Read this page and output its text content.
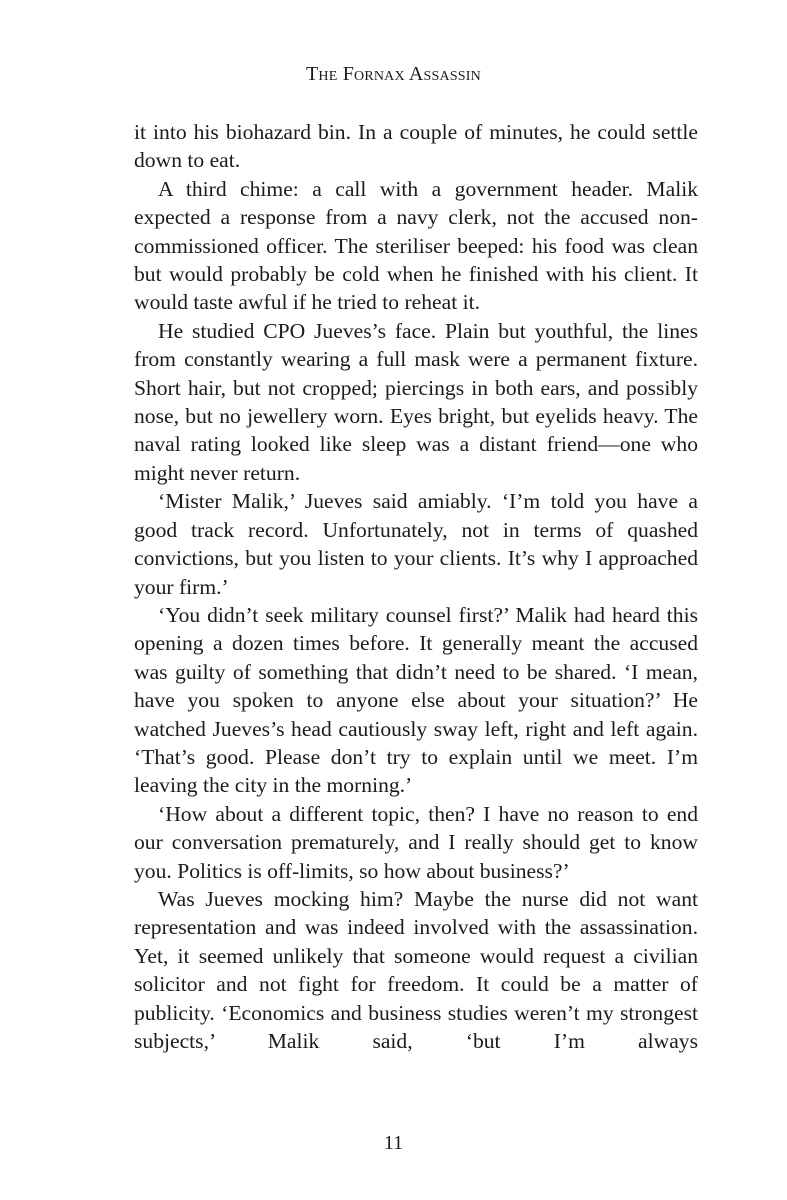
The Fornax Assassin

it into his biohazard bin. In a couple of minutes, he could settle down to eat.

A third chime: a call with a government header. Malik expected a response from a navy clerk, not the accused non-commissioned officer. The steriliser beeped: his food was clean but would probably be cold when he finished with his client. It would taste awful if he tried to reheat it.

He studied CPO Jueves’s face. Plain but youthful, the lines from constantly wearing a full mask were a permanent fixture. Short hair, but not cropped; piercings in both ears, and possibly nose, but no jewellery worn. Eyes bright, but eyelids heavy. The naval rating looked like sleep was a distant friend—one who might never return.

‘Mister Malik,’ Jueves said amiably. ‘I’m told you have a good track record. Unfortunately, not in terms of quashed convictions, but you listen to your clients. It’s why I approached your firm.’

‘You didn’t seek military counsel first?’ Malik had heard this opening a dozen times before. It generally meant the accused was guilty of something that didn’t need to be shared. ‘I mean, have you spoken to anyone else about your situation?’ He watched Jueves’s head cautiously sway left, right and left again. ‘That’s good. Please don’t try to explain until we meet. I’m leaving the city in the morning.’

‘How about a different topic, then? I have no reason to end our conversation prematurely, and I really should get to know you. Politics is off-limits, so how about business?’

Was Jueves mocking him? Maybe the nurse did not want representation and was indeed involved with the assassination. Yet, it seemed unlikely that someone would request a civilian solicitor and not fight for freedom. It could be a matter of publicity. ‘Economics and business studies weren’t my strongest subjects,’ Malik said, ‘but I’m always

11
